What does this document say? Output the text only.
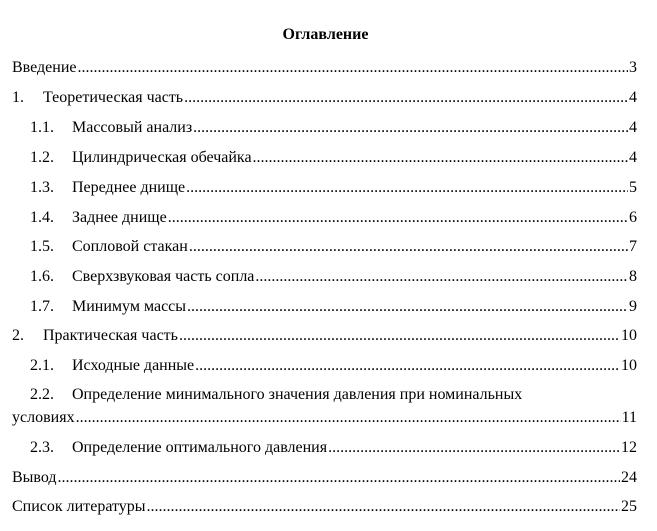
Оглавление
Введение .....	3
1.	Теоретическая часть .....	4
1.1.	Массовый анализ .....	4
1.2.	Цилиндрическая обечайка .....	4
1.3.	Переднее днище .....	5
1.4.	Заднее днище .....	6
1.5.	Сопловой стакан .....	7
1.6.	Сверхзвуковая часть сопла .....	8
1.7.	Минимум массы .....	9
2.	Практическая часть .....	10
2.1.	Исходные данные .....	10
2.2. Определение минимального значения давления при номинальных
условиях .....	11
2.3.	Определение оптимального давления .....	12
Вывод .....	24
Список литературы .....	25
